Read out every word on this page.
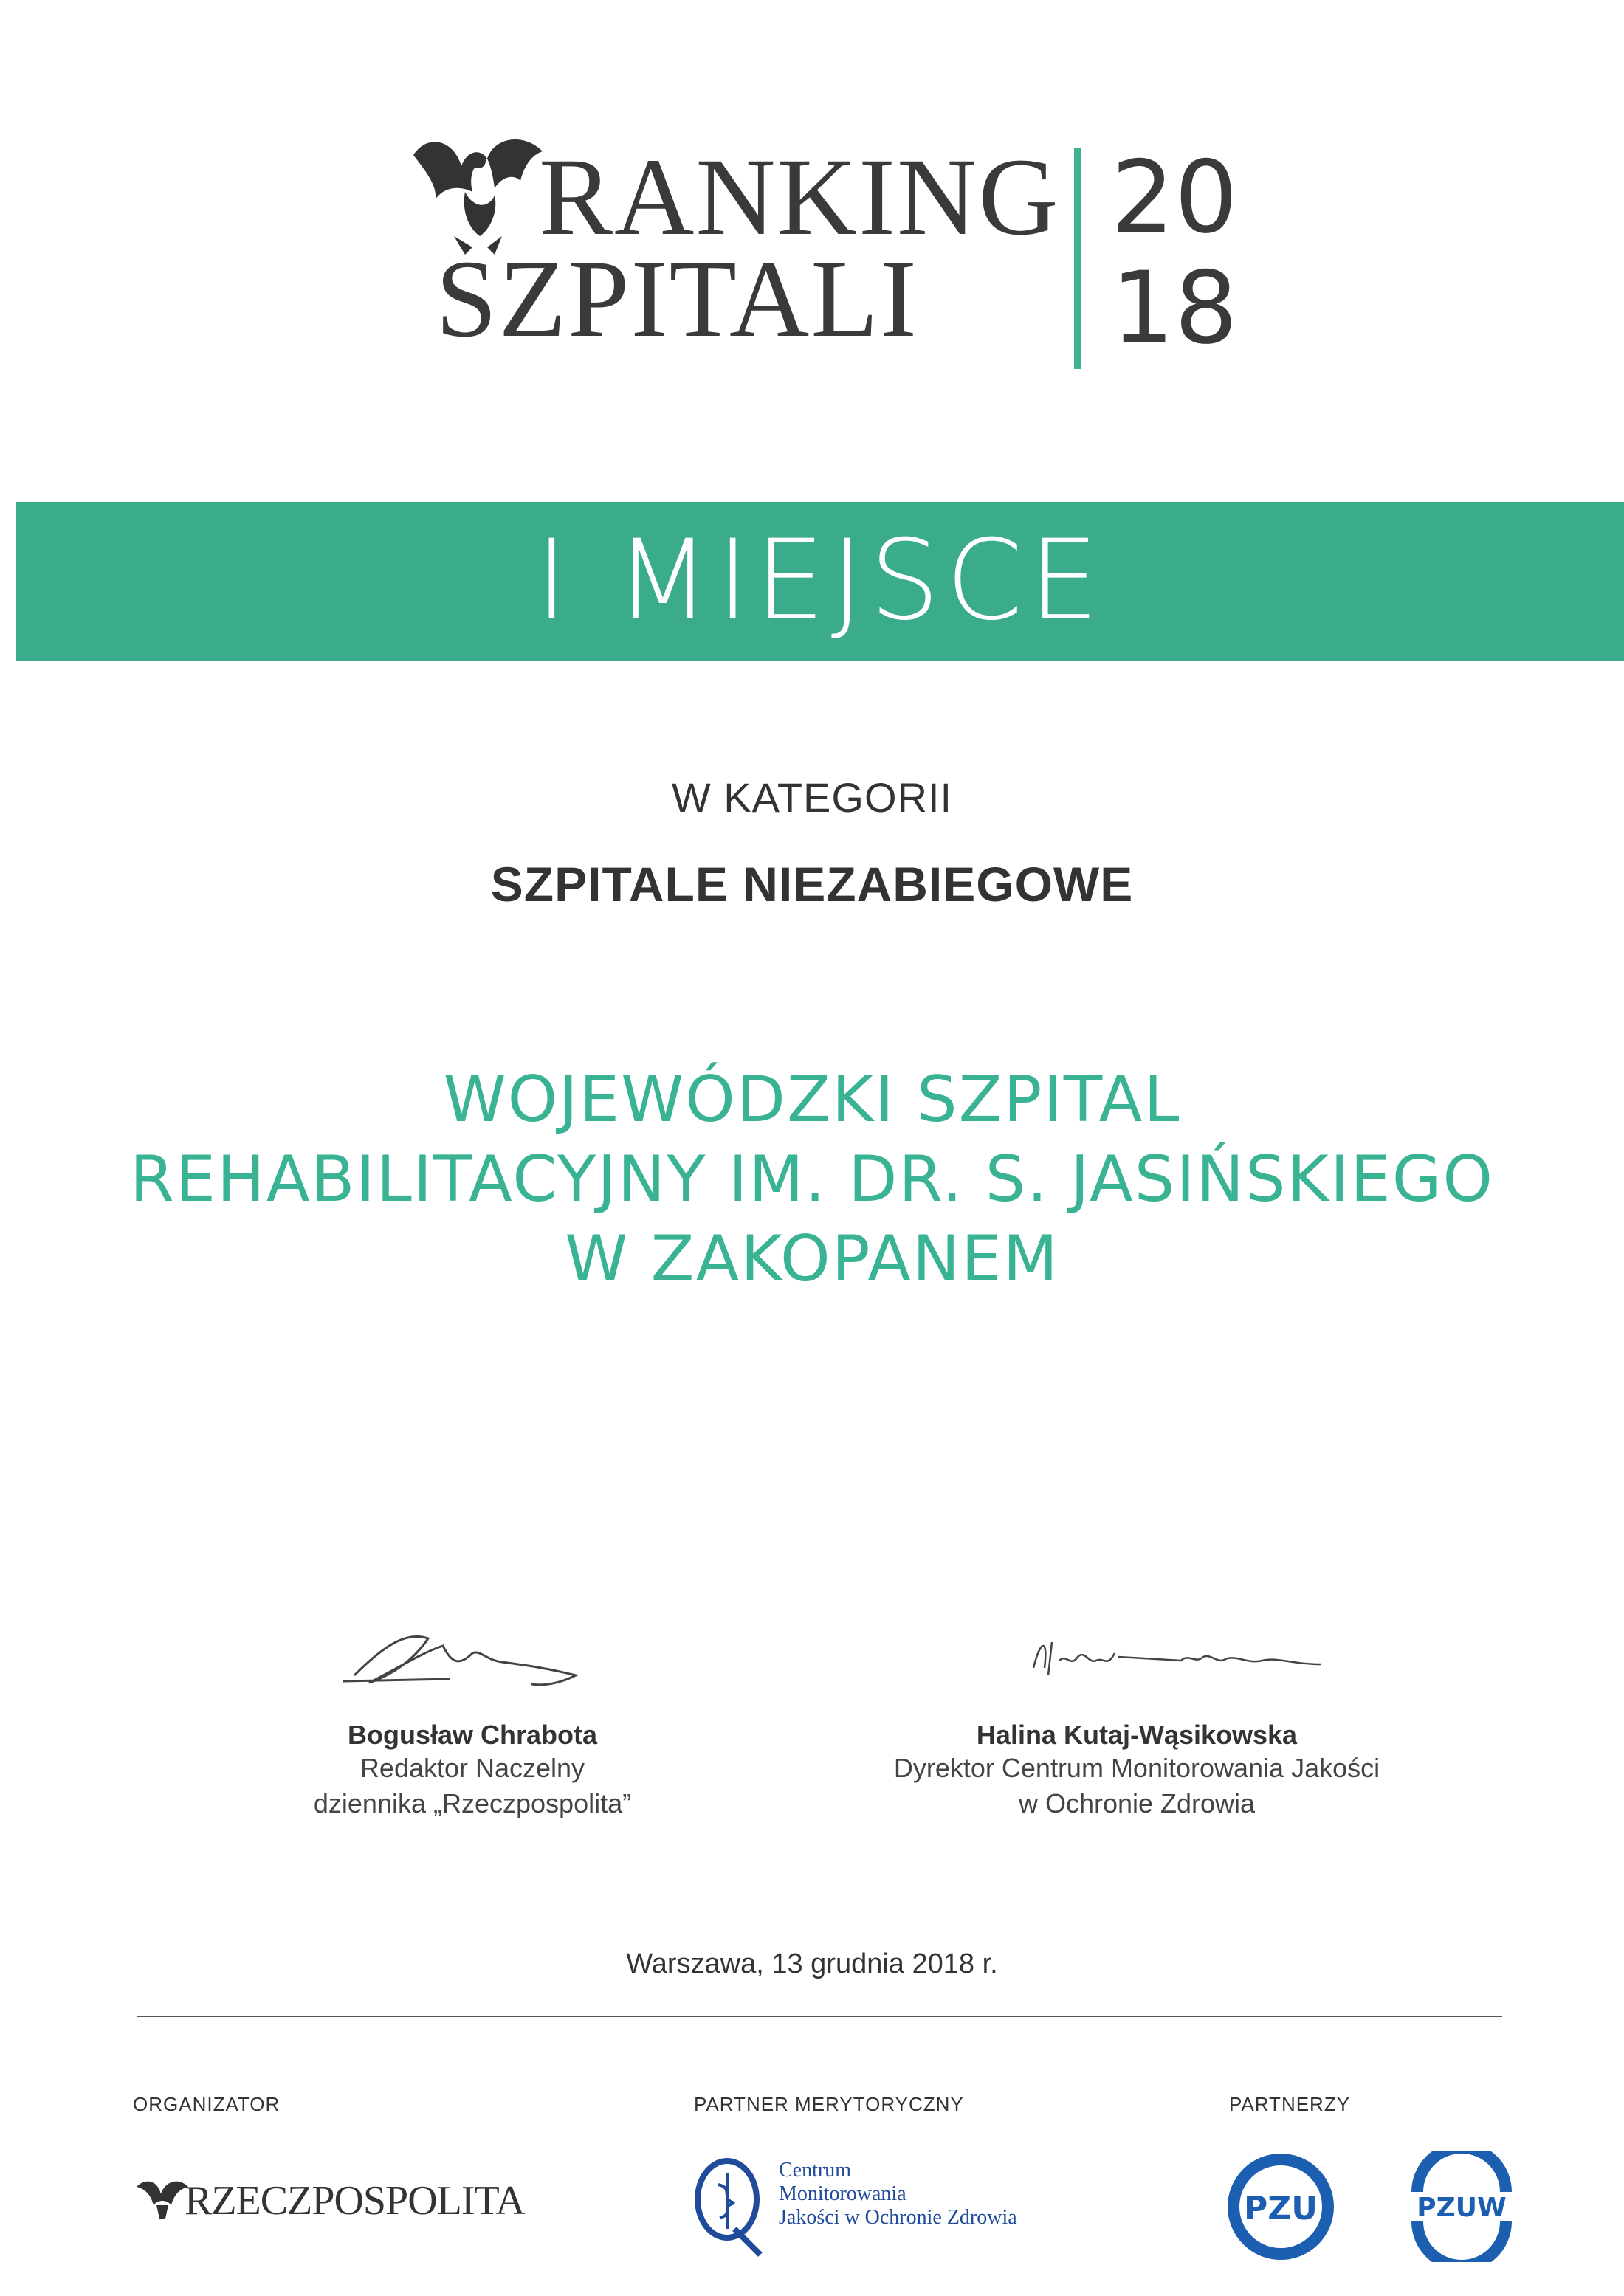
RANKING
SZPITALI
20
18
I MIEJSCE
W KATEGORII
SZPITALE NIEZABIEGOWE
WOJEWÓDZKI SZPITAL
REHABILITACYJNY IM. DR. S. JASIŃSKIEGO
W ZAKOPANEM
Bogusław Chrabota
Redaktor Naczelny
dziennika „Rzeczpospolita”
Halina Kutaj-Wąsikowska
Dyrektor Centrum Monitorowania Jakości
w Ochronie Zdrowia
Warszawa, 13 grudnia 2018 r.
ORGANIZATOR	PARTNER MERYTORYCZNY	PARTNERZY
RZECZPOSPOLITA
Centrum
Monitorowania
Jakości w Ochronie Zdrowia	PZU	PZUW
